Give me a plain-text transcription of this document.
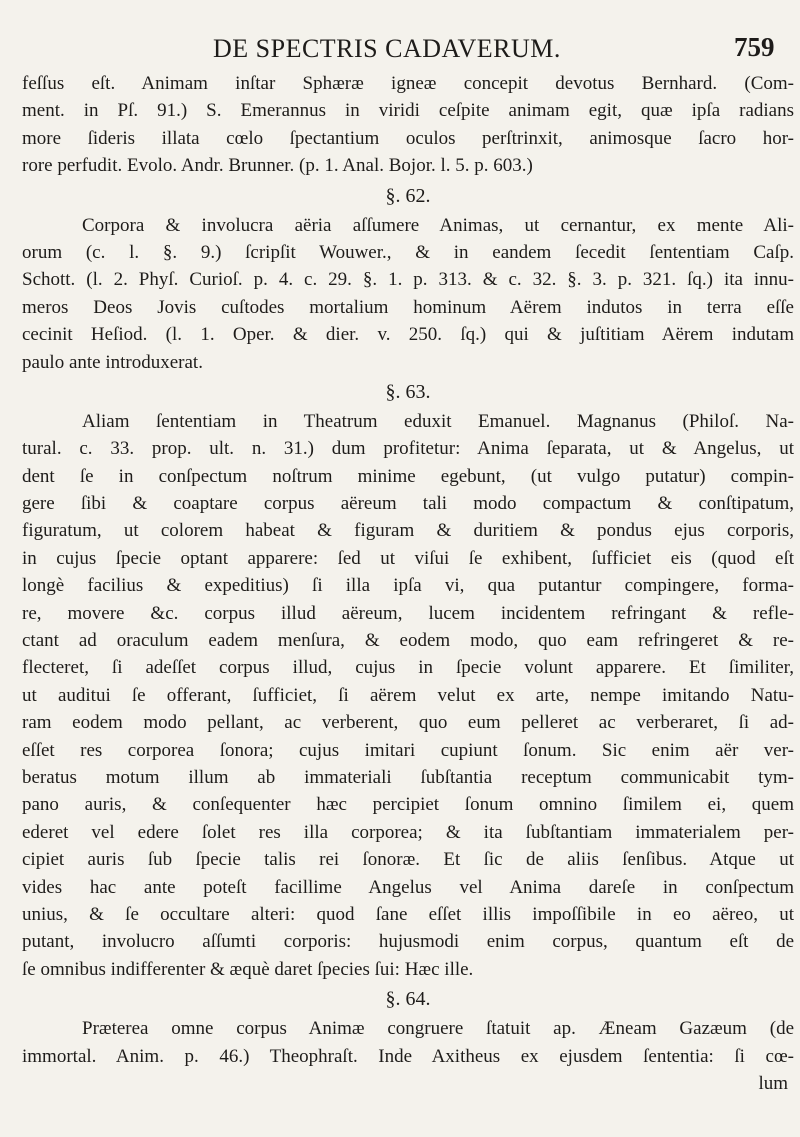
DE SPECTRIS CADAVERUM.	759
feſſus eſt. Animam inſtar Sphæræ igneæ concepit devotus Bernhard. (Com-
ment. in Pſ. 91.) S. Emerannus in viridi ceſpite animam egit, quæ ipſa radians
more ſideris illata cœlo ſpectantium oculos perſtrinxit, animosque ſacro hor-
rore perfudit. Evolo. Andr. Brunner. (p. 1. Anal. Bojor. l. 5. p. 603.)
§. 62.
Corpora & involucra aëria aſſumere Animas, ut cernantur, ex mente Ali-
orum (c. l. §. 9.) ſcripſit Wouwer., & in eandem ſecedit ſententiam Caſp.
Schott. (l. 2. Phyſ. Curioſ. p. 4. c. 29. §. 1. p. 313. & c. 32. §. 3. p. 321. ſq.) ita innu-
meros Deos Jovis cuſtodes mortalium hominum Aërem indutos in terra eſſe
cecinit Heſiod. (l. 1. Oper. & dier. v. 250. ſq.) qui & juſtitiam Aërem indutam
paulo ante introduxerat.
§. 63.
Aliam ſententiam in Theatrum eduxit Emanuel. Magnanus (Philoſ. Na-
tural. c. 33. prop. ult. n. 31.) dum profitetur: Anima ſeparata, ut & Angelus, ut
dent ſe in conſpectum noſtrum minime egebunt, (ut vulgo putatur) compin-
gere ſibi & coaptare corpus aëreum tali modo compactum & conſtipatum,
figuratum, ut colorem habeat & figuram & duritiem & pondus ejus corporis,
in cujus ſpecie optant apparere: ſed ut viſui ſe exhibent, ſufficiet eis (quod eſt
longè facilius & expeditius) ſi illa ipſa vi, qua putantur compingere, forma-
re, movere &c. corpus illud aëreum, lucem incidentem refringant & refle-
ctant ad oraculum eadem menſura, & eodem modo, quo eam refringeret & re-
flecteret, ſi adeſſet corpus illud, cujus in ſpecie volunt apparere. Et ſimiliter,
ut auditui ſe offerant, ſufficiet, ſi aërem velut ex arte, nempe imitando Natu-
ram eodem modo pellant, ac verberent, quo eum pelleret ac verberaret, ſi ad-
eſſet res corporea ſonora; cujus imitari cupiunt ſonum. Sic enim aër ver-
beratus motum illum ab immateriali ſubſtantia receptum communicabit tym-
pano auris, & conſequenter hæc percipiet ſonum omnino ſimilem ei, quem
ederet vel edere ſolet res illa corporea; & ita ſubſtantiam immaterialem per-
cipiet auris ſub ſpecie talis rei ſonoræ. Et ſic de aliis ſenſibus. Atque ut
vides hac ante poteſt facillime Angelus vel Anima dareſe in conſpectum
unius, & ſe occultare alteri: quod ſane eſſet illis impoſſibile in eo aëreo, ut
putant, involucro aſſumti corporis: hujusmodi enim corpus, quantum eſt de
ſe omnibus indifferenter & æquè daret ſpecies ſui: Hæc ille.
§. 64.
Præterea omne corpus Animæ congruere ſtatuit ap. Æneam Gazæum (de
immortal. Anim. p. 46.) Theophraſt. Inde Axitheus ex ejusdem ſententia: ſi cœ-
lum
